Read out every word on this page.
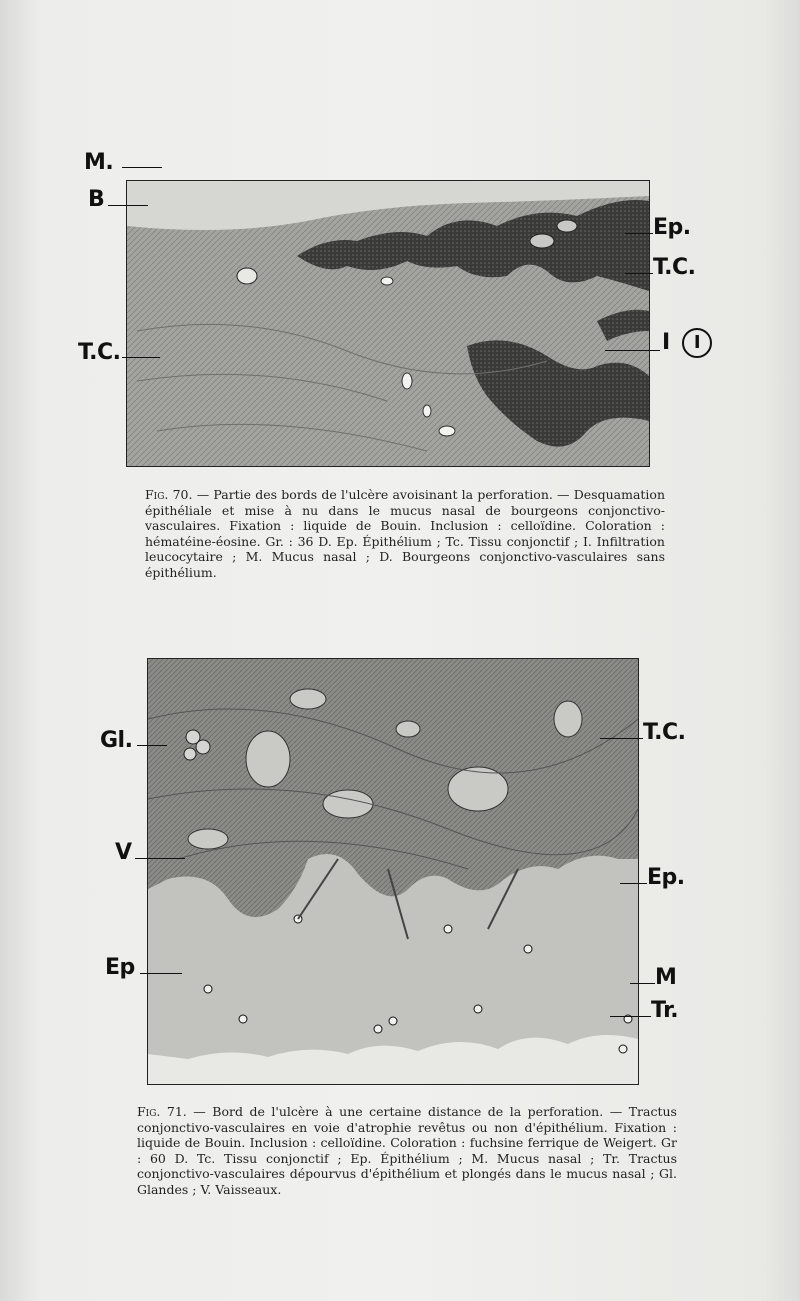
M.
B
T.C.
Ep.
T.C.
I	I
Fig. 70. — Partie des bords de l'ulcère avoisinant la perforation. — Desquamation épithéliale et mise à nu dans le mucus nasal de bourgeons conjonctivo-vasculaires. Fixation : liquide de Bouin. Inclusion : celloïdine. Coloration : hématéine-éosine. Gr. : 36 D. Ep. Épithélium ; Tc. Tissu conjonctif ; I. Infiltration leucocytaire ; M. Mucus nasal ; D. Bourgeons conjonctivo-vasculaires sans épithélium.
Gl.
V
Ep
T.C.
Ep.
M
Tr.
Fig. 71. — Bord de l'ulcère à une certaine distance de la perforation. — Tractus conjonctivo-vasculaires en voie d'atrophie revêtus ou non d'épithélium. Fixation : liquide de Bouin. Inclusion : celloïdine. Coloration : fuchsine ferrique de Weigert. Gr : 60 D. Tc. Tissu conjonctif ; Ep. Épithélium ; M. Mucus nasal ; Tr. Tractus conjonctivo-vasculaires dépourvus d'épithélium et plongés dans le mucus nasal ; Gl. Glandes ; V. Vaisseaux.
